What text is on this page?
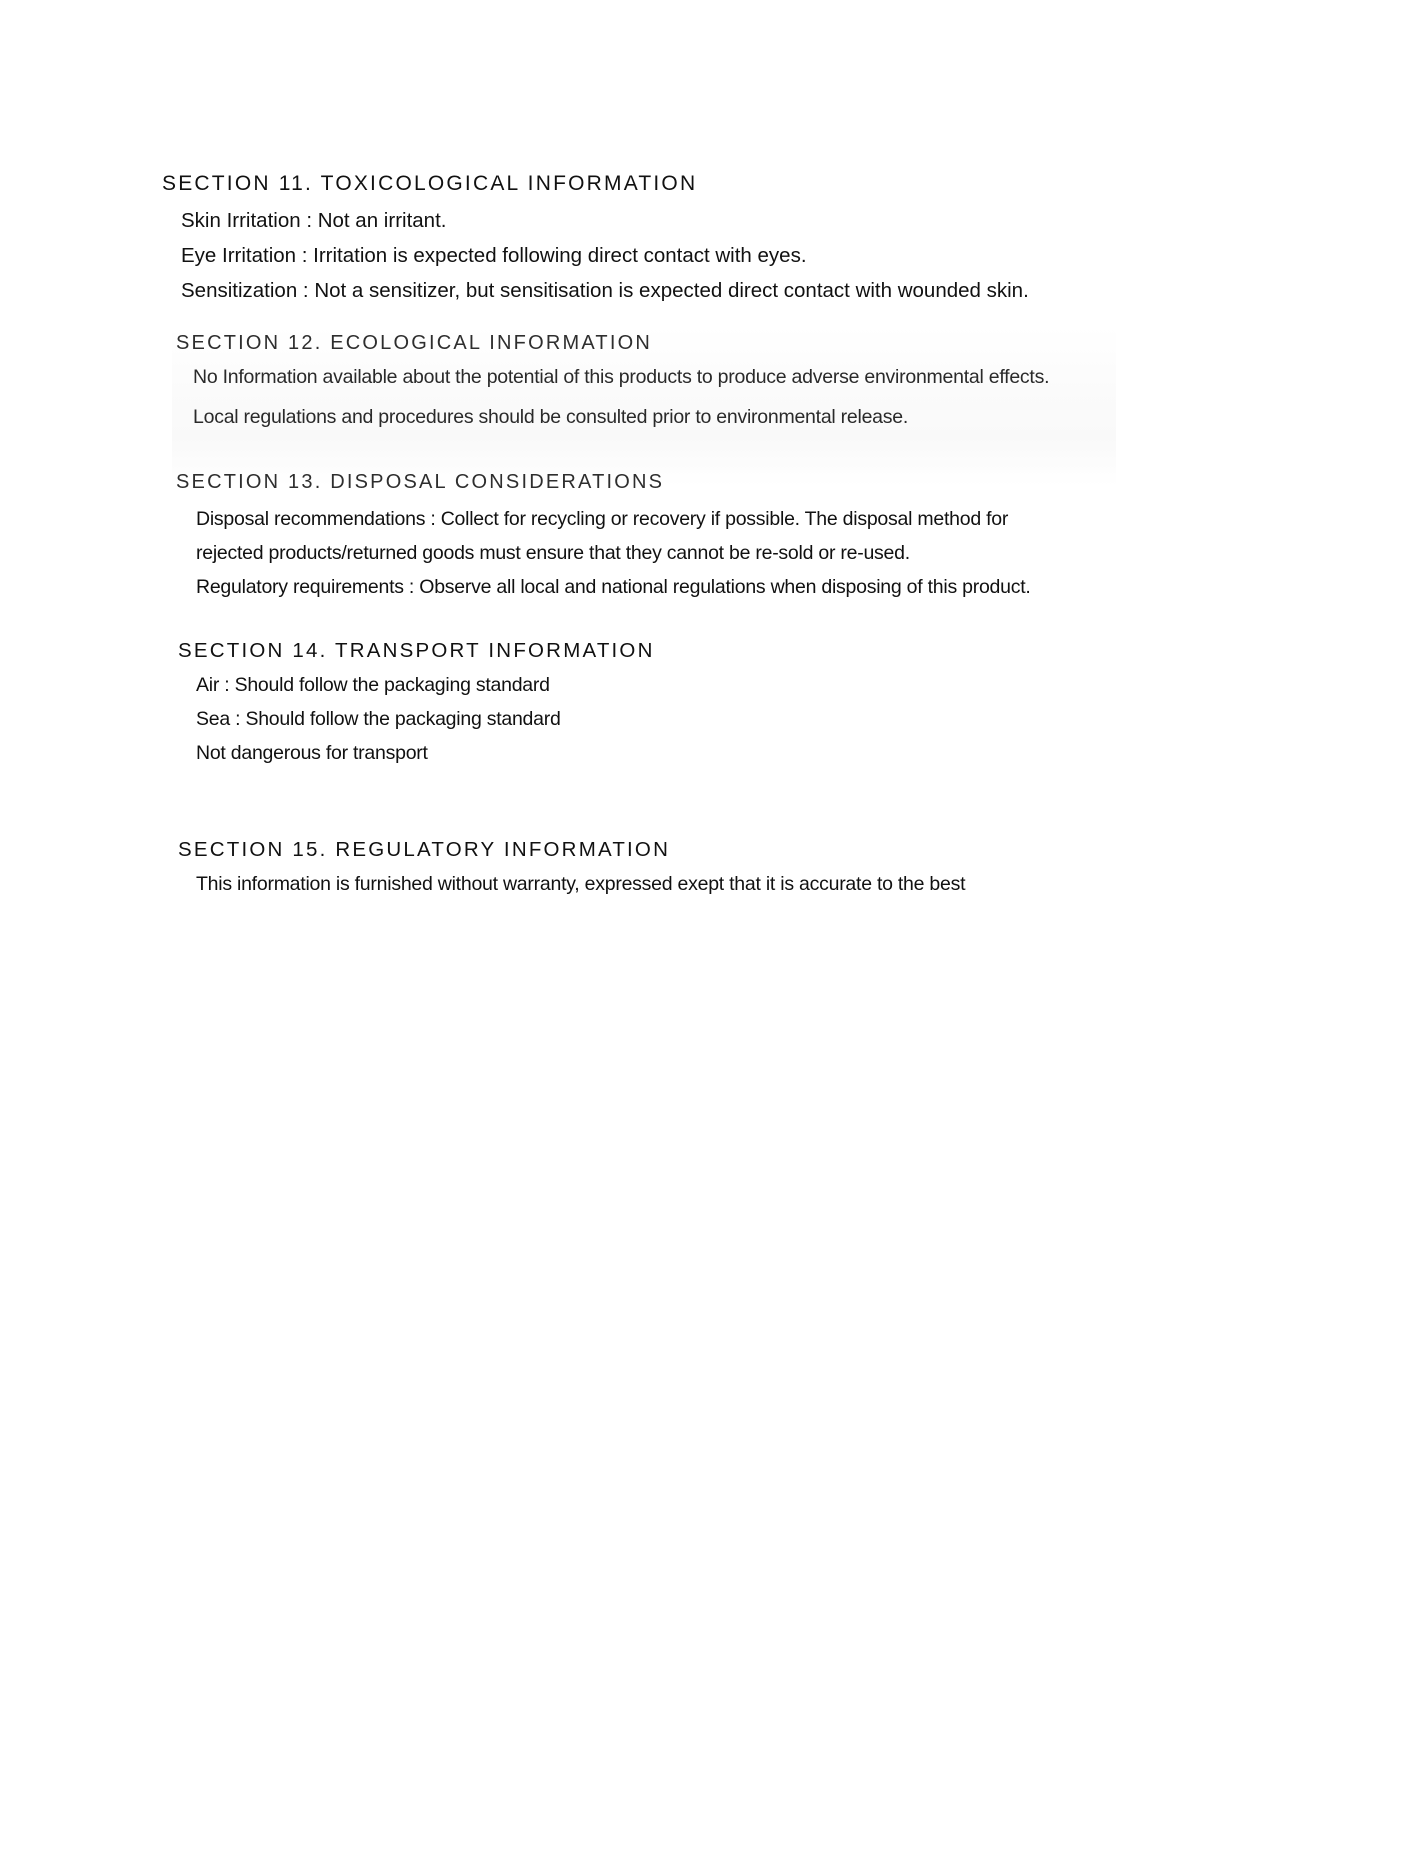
SECTION 11. TOXICOLOGICAL INFORMATION

Skin Irritation : Not an irritant.

Eye Irritation : Irritation is expected following direct contact with eyes.

Sensitization : Not a sensitizer, but sensitisation is expected direct contact with wounded skin.

SECTION 12. ECOLOGICAL INFORMATION

No Information available about the potential of this products to produce adverse environmental effects.

Local regulations and procedures should be consulted prior to environmental release.

SECTION 13. DISPOSAL CONSIDERATIONS

Disposal recommendations : Collect for recycling or recovery if possible. The disposal method for

rejected products/returned goods must ensure that they cannot be re-sold or re-used.

Regulatory requirements : Observe all local and national regulations when disposing of this product.

SECTION 14. TRANSPORT INFORMATION

Air : Should follow the packaging standard

Sea : Should follow the packaging standard

Not dangerous for transport

SECTION 15. REGULATORY INFORMATION

This information is furnished without warranty, expressed exept that it is accurate to the best
